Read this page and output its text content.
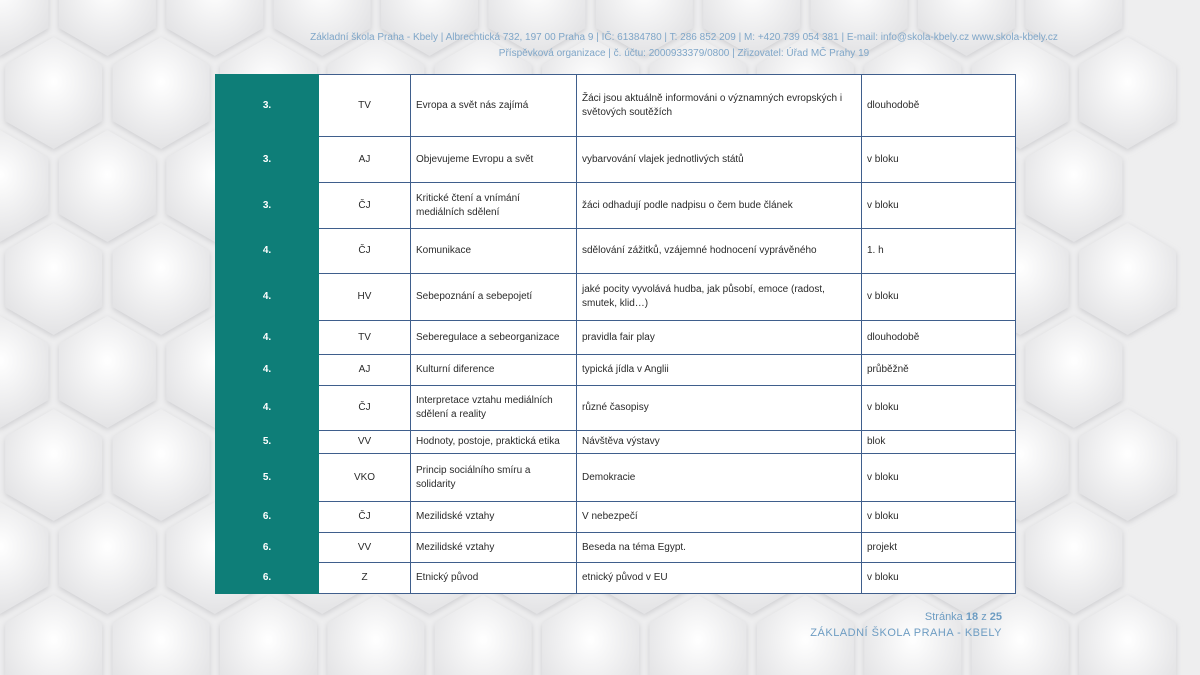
Základní škola Praha - Kbely | Albrechtická 732, 197 00 Praha 9 | IČ: 61384780 | T: 286 852 209 | M: +420 739 054 381 | E-mail: info@skola-kbely.cz www.skola-kbely.cz
Příspěvková organizace | č. účtu: 2000933379/0800 | Zřizovatel: Úřad MČ Prahy 19
3.	TV	Evropa a svět nás zajímá	Žáci jsou aktuálně informováni o významných evropských i světových soutěžích	dlouhodobě
3.	AJ	Objevujeme Evropu a svět	vybarvování vlajek jednotlivých států	v bloku
3.	ČJ	Kritické čtení a vnímání mediálních sdělení	žáci odhadují podle nadpisu o čem bude článek	v bloku
4.	ČJ	Komunikace	sdělování zážitků, vzájemné hodnocení vyprávěného	1. h
4.	HV	Sebepoznání a sebepojetí	jaké pocity vyvolává hudba, jak působí, emoce (radost, smutek, klid…)	v bloku
4.	TV	Seberegulace a sebeorganizace	pravidla fair play	dlouhodobě
4.	AJ	Kulturní diference	typická jídla v Anglii	průběžně
4.	ČJ	Interpretace vztahu mediálních sdělení a reality	různé časopisy	v bloku
5.	VV	Hodnoty, postoje, praktická etika	Návštěva výstavy	blok
5.	VKO	Princip sociálního smíru a solidarity	Demokracie	v bloku
6.	ČJ	Mezilidské vztahy	V nebezpečí	v bloku
6.	VV	Mezilidské vztahy	Beseda na téma Egypt.	projekt
6.	Z	Etnický původ	etnický původ v EU	v bloku
Stránka 18 z 25
ZÁKLADNÍ ŠKOLA PRAHA - KBELY
